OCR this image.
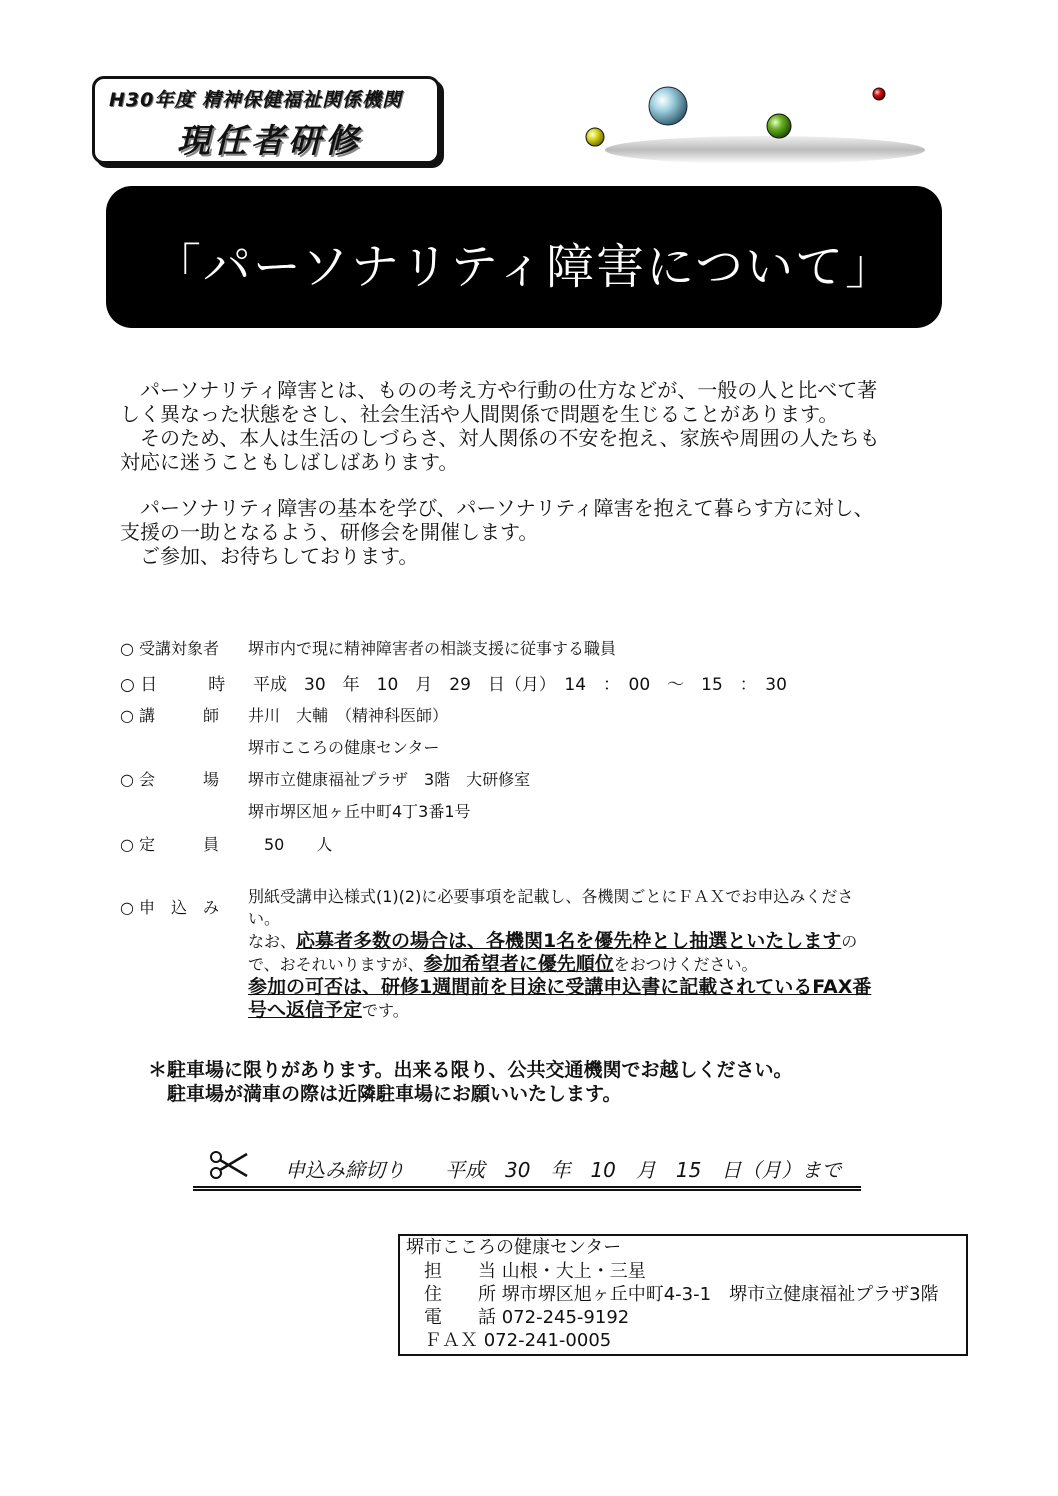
H30年度 精神保健福祉関係機関
現任者研修
「パーソナリティ障害について」

　パーソナリティ障害とは、ものの考え方や行動の仕方などが、一般の人と比べて著

しく異なった状態をさし、社会生活や人間関係で問題を生じることがあります。

　そのため、本人は生活のしづらさ、対人関係の不安を抱え、家族や周囲の人たちも

対応に迷うこともしばしばあります。

　パーソナリティ障害の基本を学び、パーソナリティ障害を抱えて暮らす方に対し、

支援の一助となるよう、研修会を開催します。

　ご参加、お待ちしております。

○ 受講対象者 堺市内で現に精神障害者の相談支援に従事する職員
○ 日　　　時 平成　30　年　10　月　29　日（月）　14　：　00　～　15　：　30
○ 講　　　師 井川　大輔　（精神科医師）
堺市こころの健康センター
○ 会　　　場 堺市立健康福祉プラザ　3階　大研修室
堺市堺区旭ヶ丘中町4丁3番1号
○ 定　　　員 　50　　人
○ 申　込　み
別紙受講申込様式(1)(2)に必要事項を記載し、各機関ごとにＦＡＸでお申込みくださ
い。
なお、応募者多数の場合は、各機関1名を優先枠とし抽選といたしますの
で、おそれいりますが、参加希望者に優先順位をおつけください。
参加の可否は、研修1週間前を目途に受講申込書に記載されているFAX番
号へ返信予定です。
＊駐車場に限りがあります。出来る限り、公共交通機関でお越しください。
　駐車場が満車の際は近隣駐車場にお願いいたします。
申込み締切り　　平成　30　年　10　月　15　日（月）まで
堺市こころの健康センター
　担　　当 山根・大上・三星
　住　　所 堺市堺区旭ヶ丘中町4-3-1　堺市立健康福祉プラザ3階
　電　　話 072-245-9192
　ＦＡＸ 072-241-0005
